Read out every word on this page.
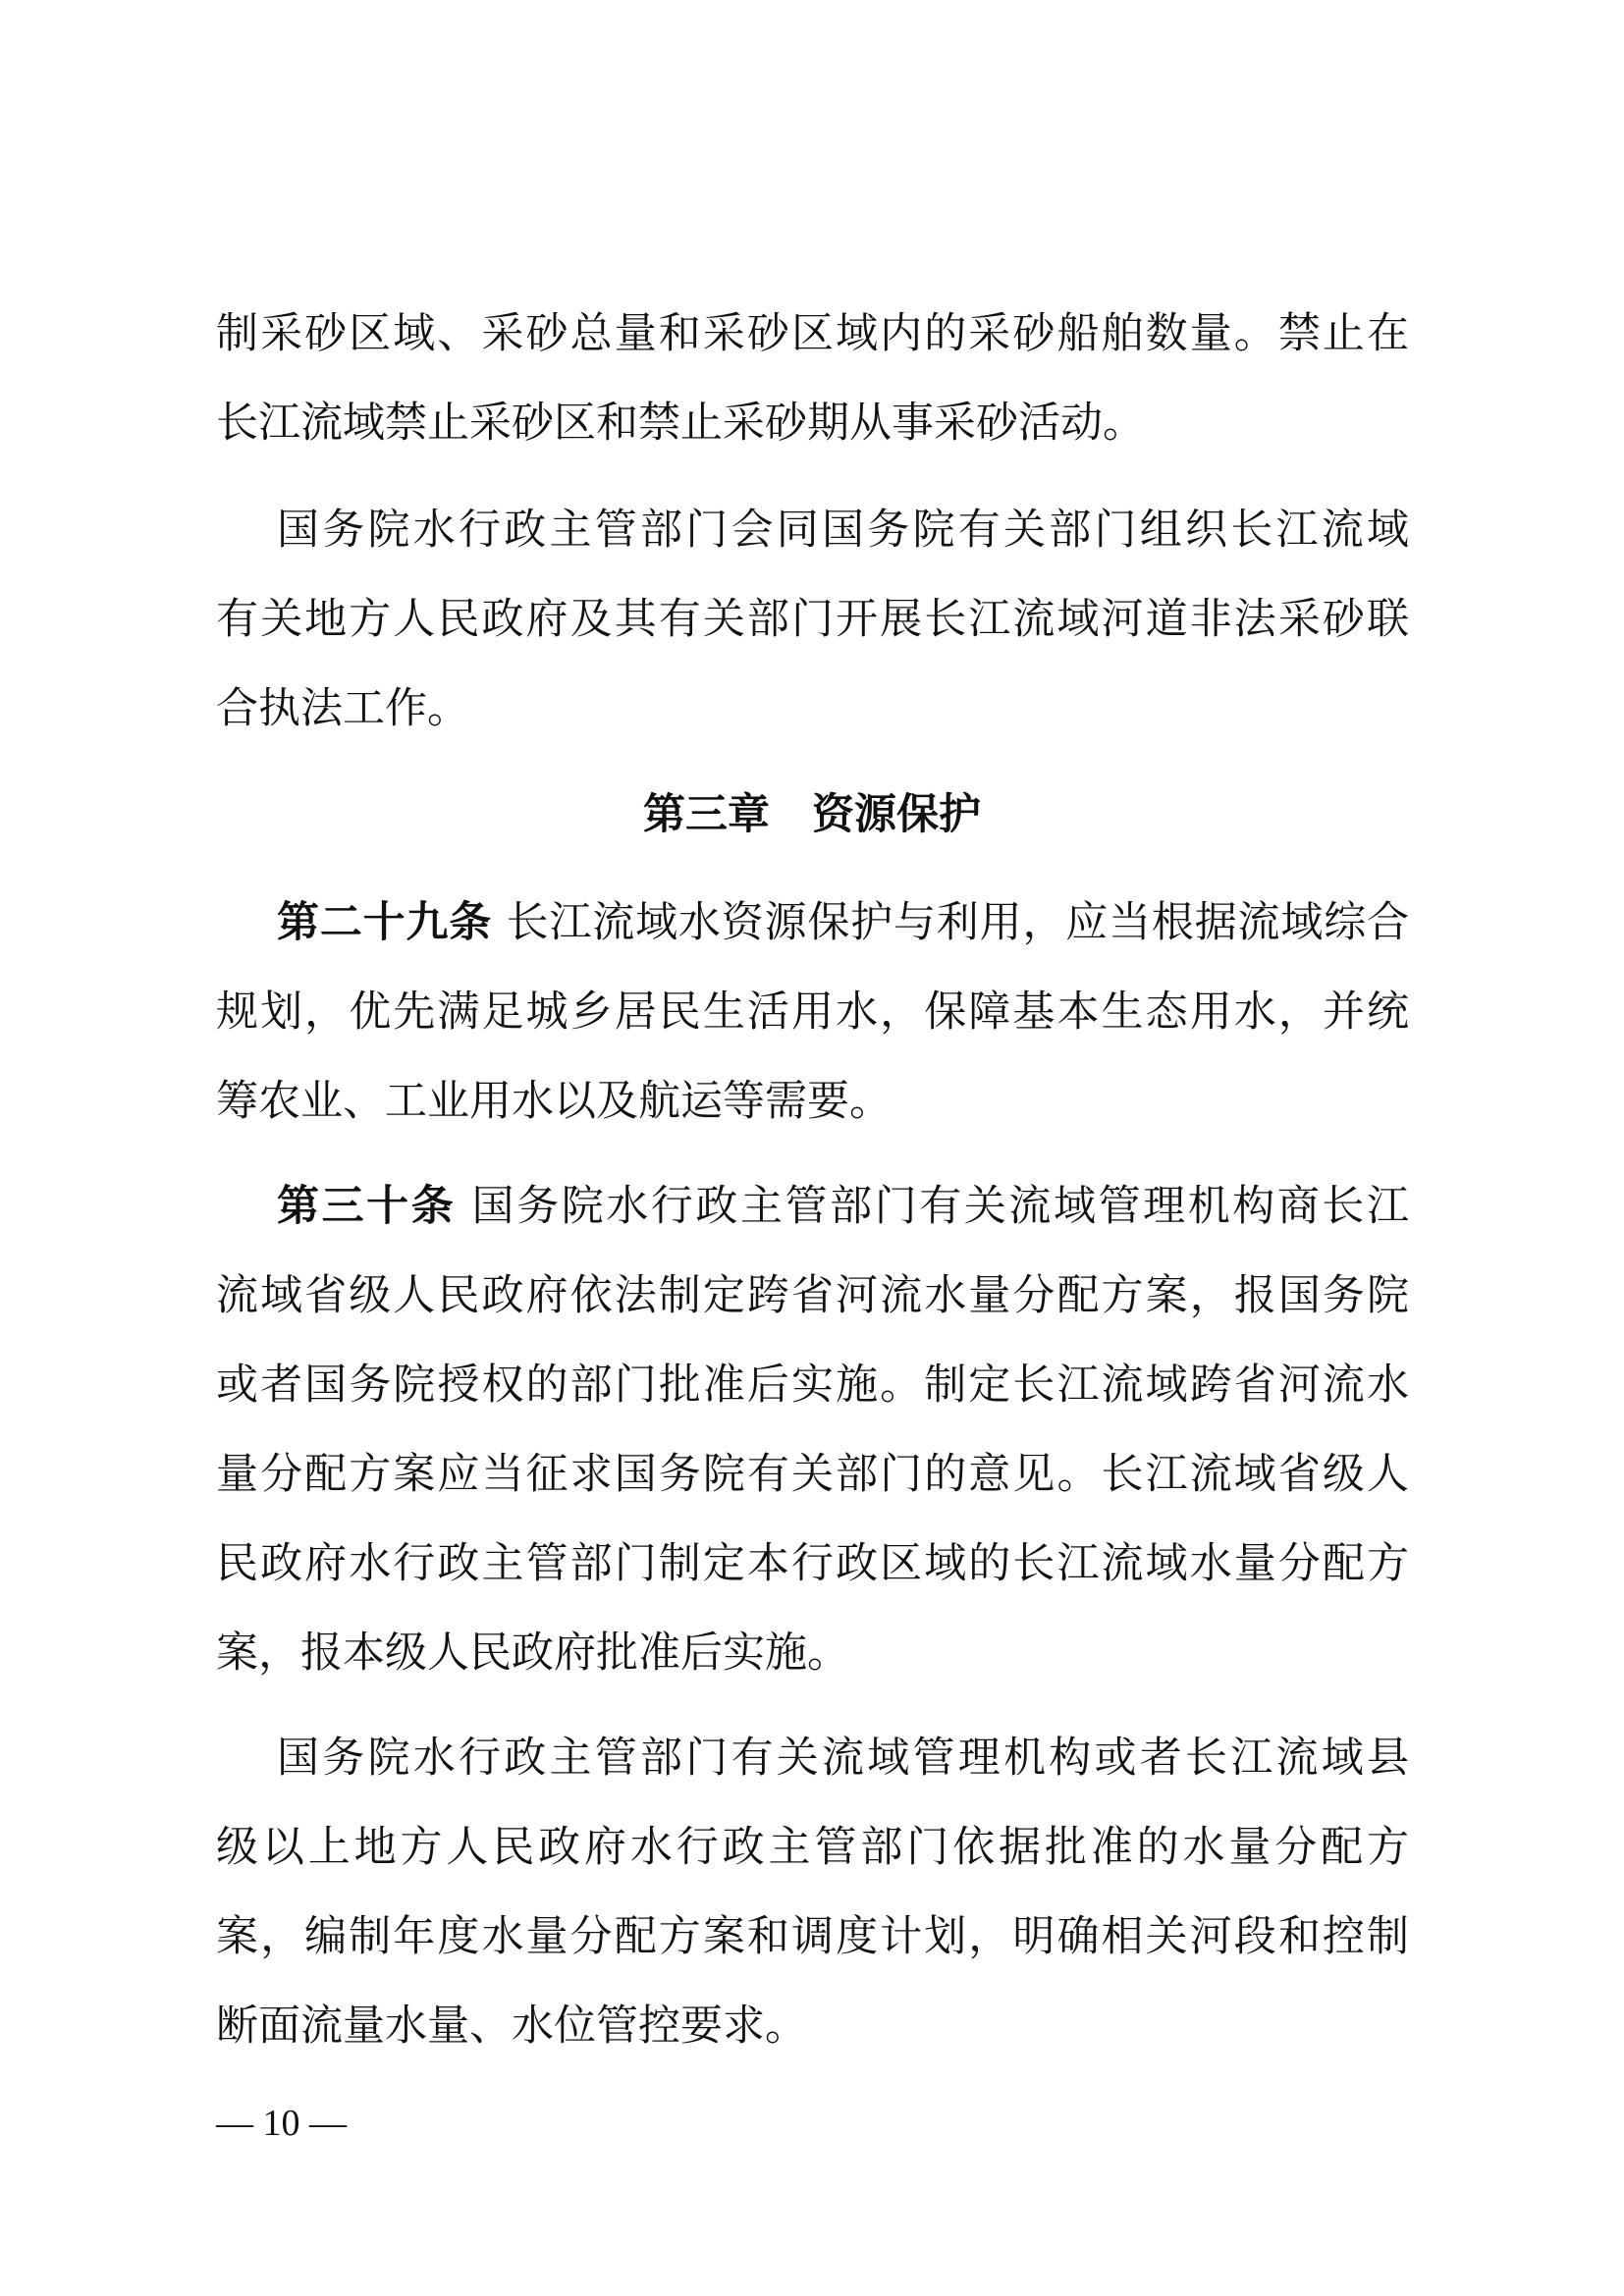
制采砂区域、采砂总量和采砂区域内的采砂船舶数量。禁止在
长江流域禁止采砂区和禁止采砂期从事采砂活动。
国务院水行政主管部门会同国务院有关部门组织长江流域
有关地方人民政府及其有关部门开展长江流域河道非法采砂联
合执法工作。
第三章　资源保护
第二十九条 长江流域水资源保护与利用，应当根据流域综合
规划，优先满足城乡居民生活用水，保障基本生态用水，并统
筹农业、工业用水以及航运等需要。
第三十条 国务院水行政主管部门有关流域管理机构商长江
流域省级人民政府依法制定跨省河流水量分配方案，报国务院
或者国务院授权的部门批准后实施。制定长江流域跨省河流水
量分配方案应当征求国务院有关部门的意见。长江流域省级人
民政府水行政主管部门制定本行政区域的长江流域水量分配方
案，报本级人民政府批准后实施。
国务院水行政主管部门有关流域管理机构或者长江流域县
级以上地方人民政府水行政主管部门依据批准的水量分配方
案，编制年度水量分配方案和调度计划，明确相关河段和控制
断面流量水量、水位管控要求。
— 10 —
